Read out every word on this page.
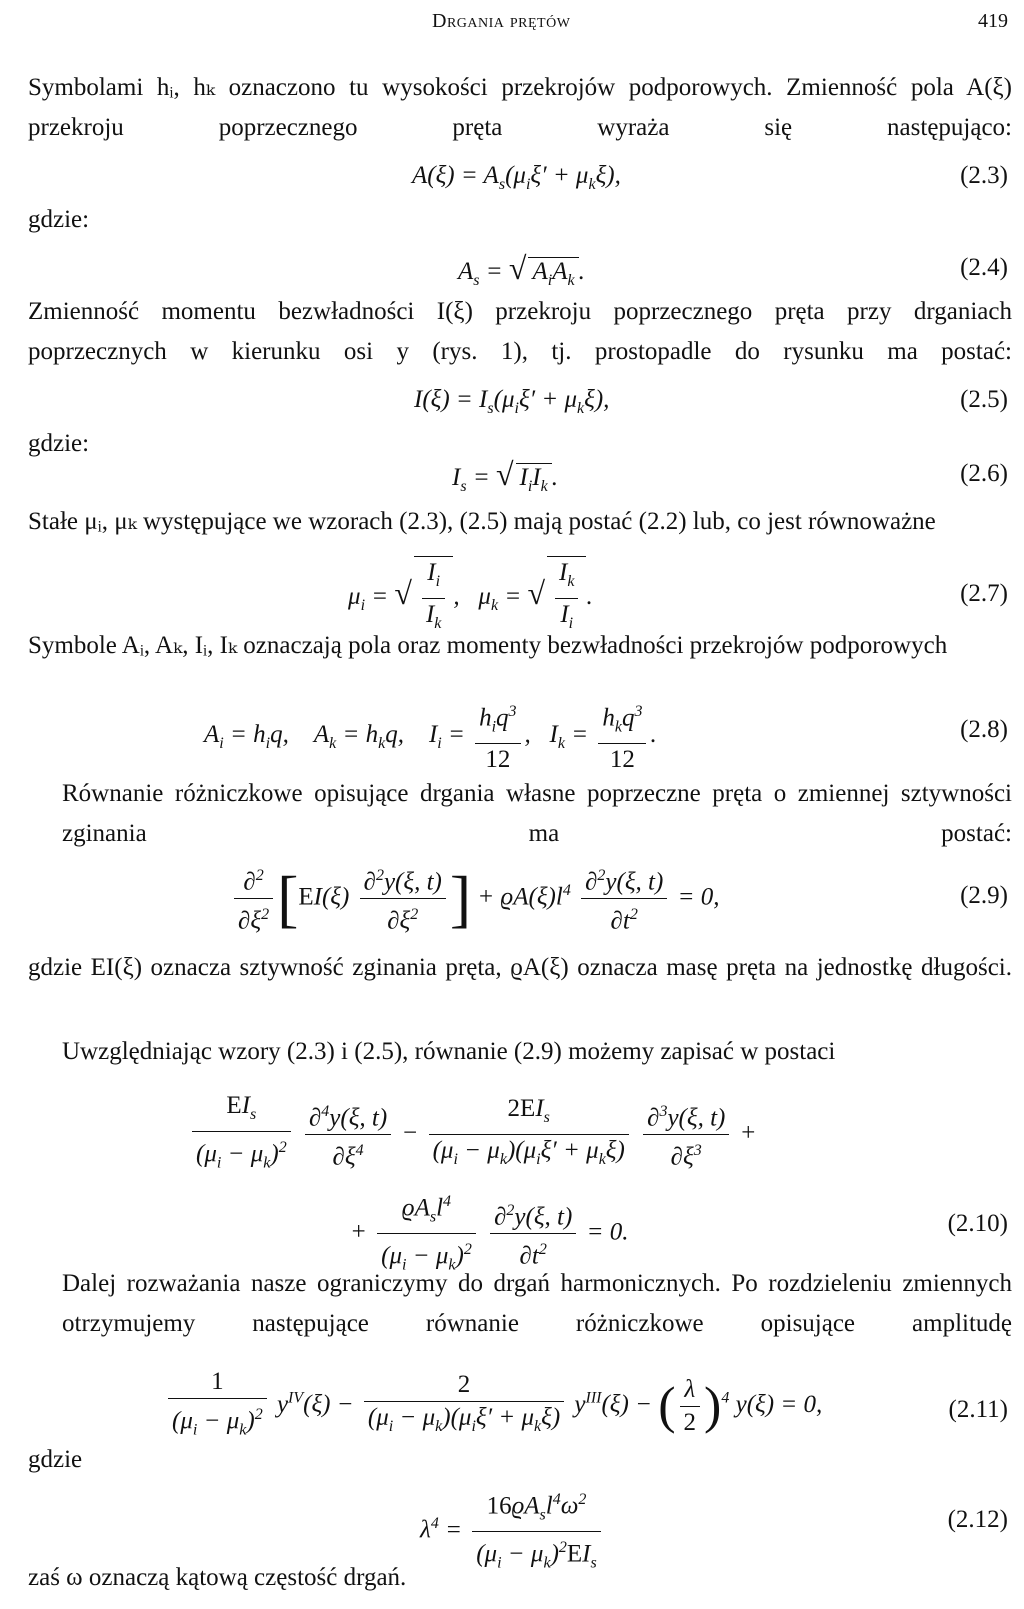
Drgania prętów	419
Symbolami hᵢ, hₖ oznaczono tu wysokości przekrojów podporowych. Zmienność pola A(ξ) przekroju poprzecznego pręta wyraża się następująco:
$A(\xi) = A_s(\mu_i\xi' + \mu_k\xi)$,	(2.3)
gdzie:
$A_s$ = √ $A_iA_k$ .	(2.4)
Zmienność momentu bezwładności I(ξ) przekroju poprzecznego pręta przy drganiach poprzecznych w kierunku osi y (rys. 1), tj. prostopadle do rysunku ma postać:
$I(\xi) = I_s(\mu_i\xi' + \mu_k\xi)$,	(2.5)
gdzie:
$I_s$ = √ $I_iI_k$ .	(2.6)
Stałe μᵢ, μₖ występujące we wzorach (2.3), (2.5) mają postać (2.2) lub, co jest równoważne
$\mu_i$ = √ $\frac{I_i}{I_k}$ ,   $\mu_k$ = √ $\frac{I_k}{I_i}$ .	(2.7)
Symbole Aᵢ, Aₖ, Iᵢ, Iₖ oznaczają pola oraz momenty bezwładności przekrojów podporowych
$A_i = h_iq$,    $A_k = h_kq$,    $I_i = \frac{h_iq^3}{12}$ ,   $I_k = \frac{h_kq^3}{12}$ .	(2.8)
Równanie różniczkowe opisujące drgania własne poprzeczne pręta o zmiennej sztywności zginania ma postać:
$\frac{\partial^2}{\partial\xi^2} [EI(\xi) \frac{\partial^2y(\xi, t)}{\partial\xi^2}$ ] + $ϱA(\xi)l^4 \frac{\partial^2y(\xi, t)}{\partial t^2} = 0$,	(2.9)
gdzie EI(ξ) oznacza sztywność zginania pręta, ϱA(ξ) oznacza masę pręta na jednostkę długości.
Uwzględniając wzory (2.3) i (2.5), równanie (2.9) możemy zapisać w postaci
$\frac{EI_s}{(\mu_i - \mu_k)^2}$
$\frac{\partial^4y(\xi, t)}{\partial\xi^4} - \frac{2EI_s}{(\mu_i - \mu_k)(\mu_i\xi' + \mu_k\xi)}$
$\frac{\partial^3y(\xi, t)}{\partial\xi^3}$ +
+ $\frac{ϱA_sl^4}{(\mu_i - \mu_k)^2}$
$\frac{\partial^2y(\xi, t)}{\partial t^2} = 0$.	(2.10)
Dalej rozważania nasze ograniczymy do drgań harmonicznych. Po rozdzieleniu zmiennych otrzymujemy następujące równanie różniczkowe opisujące amplitudę
$\frac{1}{(\mu_i - \mu_k)^2} y^{IV}(\xi) - \frac{2}{(\mu_i - \mu_k)(\mu_i\xi' + \mu_k\xi)} y^{III}(\xi)$ − ( $\frac{\lambda}{2} )^4$ y(ξ) = 0,	(2.11)
gdzie
$\lambda^4 = \frac{16ϱA_sl^4\omega^2}{(\mu_i - \mu_k)^2EI_s}$	(2.12)
zaś ω oznaczą kątową częstość drgań.
